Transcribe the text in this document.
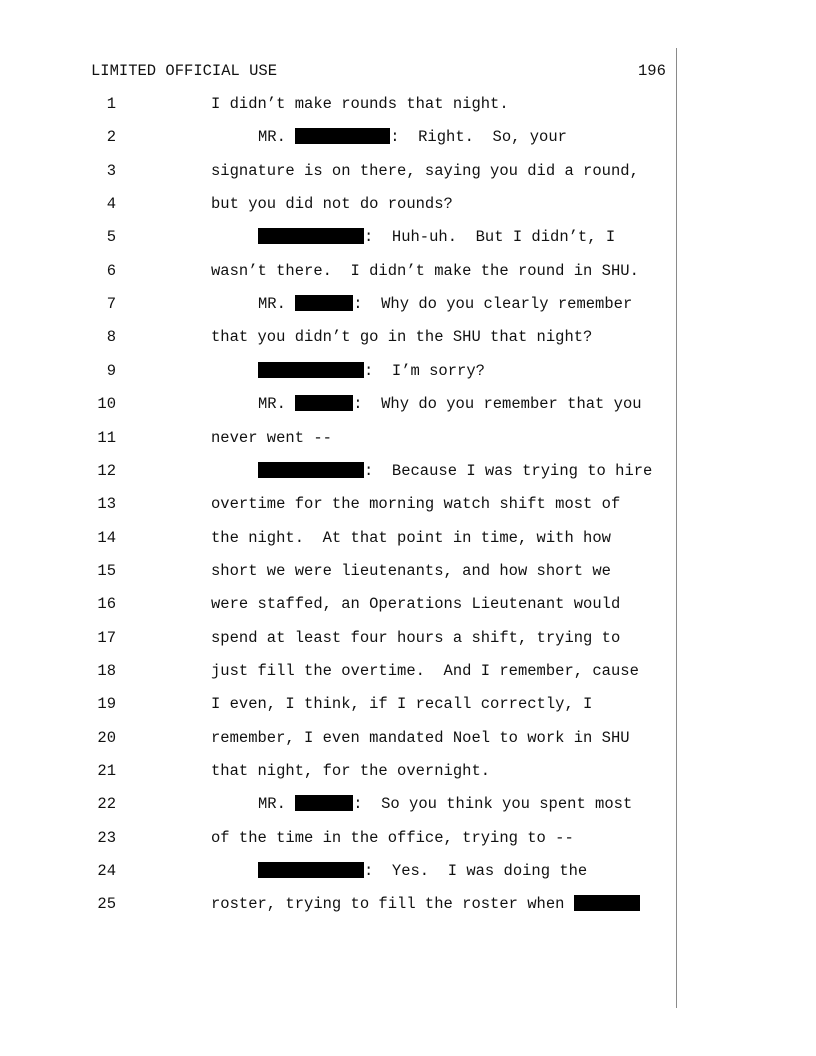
LIMITED OFFICIAL USE	196
1	I didn’t make rounds that night.
2	MR.	:  Right.  So, your
3	signature is on there, saying you did a round,
4	but you did not do rounds?
5	:  Huh-uh.  But I didn’t, I
6	wasn’t there.  I didn’t make the round in SHU.
7	MR.	:  Why do you clearly remember
8	that you didn’t go in the SHU that night?
9	:  I’m sorry?
10	MR.	:  Why do you remember that you
11	never went --
12	:  Because I was trying to hire
13	overtime for the morning watch shift most of
14	the night.  At that point in time, with how
15	short we were lieutenants, and how short we
16	were staffed, an Operations Lieutenant would
17	spend at least four hours a shift, trying to
18	just fill the overtime.  And I remember, cause
19	I even, I think, if I recall correctly, I
20	remember, I even mandated Noel to work in SHU
21	that night, for the overnight.
22	MR.	:  So you think you spent most
23	of the time in the office, trying to --
24	:  Yes.  I was doing the
25	roster, trying to fill the roster when
